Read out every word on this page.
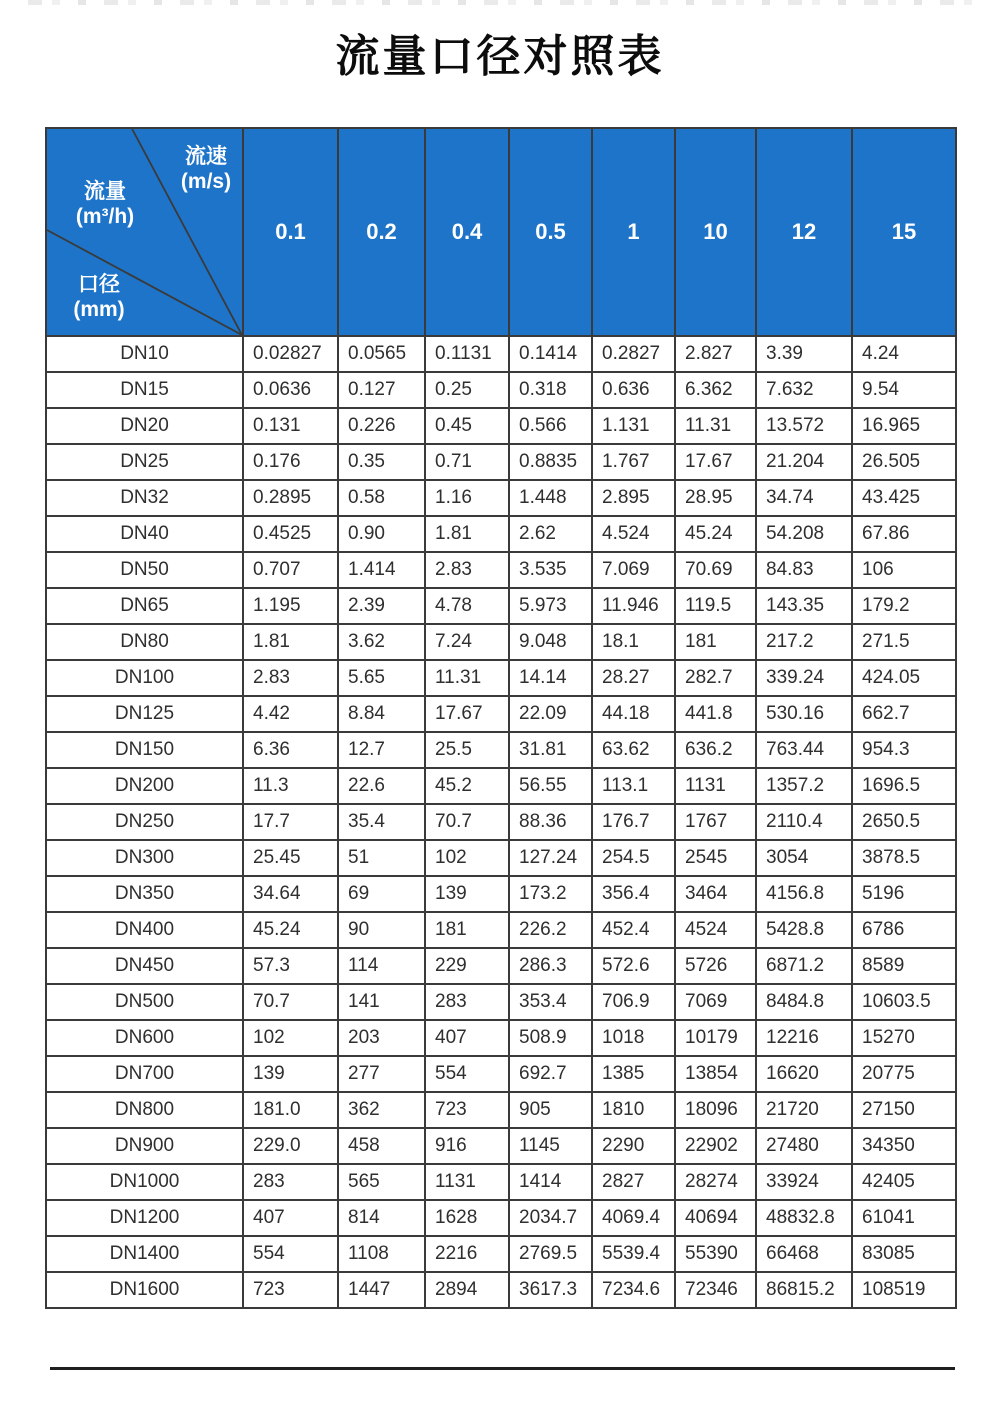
流量口径对照表
流速
(m/s)
流量
(m³/h)
口径
(mm)
	0.1	0.2	0.4	0.5	1	10	12	15
DN10	0.02827	0.0565	0.1131	0.1414	0.2827	2.827	3.39	4.24
DN15	0.0636	0.127	0.25	0.318	0.636	6.362	7.632	9.54
DN20	0.131	0.226	0.45	0.566	1.131	11.31	13.572	16.965
DN25	0.176	0.35	0.71	0.8835	1.767	17.67	21.204	26.505
DN32	0.2895	0.58	1.16	1.448	2.895	28.95	34.74	43.425
DN40	0.4525	0.90	1.81	2.62	4.524	45.24	54.208	67.86
DN50	0.707	1.414	2.83	3.535	7.069	70.69	84.83	106
DN65	1.195	2.39	4.78	5.973	11.946	119.5	143.35	179.2
DN80	1.81	3.62	7.24	9.048	18.1	181	217.2	271.5
DN100	2.83	5.65	11.31	14.14	28.27	282.7	339.24	424.05
DN125	4.42	8.84	17.67	22.09	44.18	441.8	530.16	662.7
DN150	6.36	12.7	25.5	31.81	63.62	636.2	763.44	954.3
DN200	11.3	22.6	45.2	56.55	113.1	1131	1357.2	1696.5
DN250	17.7	35.4	70.7	88.36	176.7	1767	2110.4	2650.5
DN300	25.45	51	102	127.24	254.5	2545	3054	3878.5
DN350	34.64	69	139	173.2	356.4	3464	4156.8	5196
DN400	45.24	90	181	226.2	452.4	4524	5428.8	6786
DN450	57.3	114	229	286.3	572.6	5726	6871.2	8589
DN500	70.7	141	283	353.4	706.9	7069	8484.8	10603.5
DN600	102	203	407	508.9	1018	10179	12216	15270
DN700	139	277	554	692.7	1385	13854	16620	20775
DN800	181.0	362	723	905	1810	18096	21720	27150
DN900	229.0	458	916	1145	2290	22902	27480	34350
DN1000	283	565	1131	1414	2827	28274	33924	42405
DN1200	407	814	1628	2034.7	4069.4	40694	48832.8	61041
DN1400	554	1108	2216	2769.5	5539.4	55390	66468	83085
DN1600	723	1447	2894	3617.3	7234.6	72346	86815.2	108519
